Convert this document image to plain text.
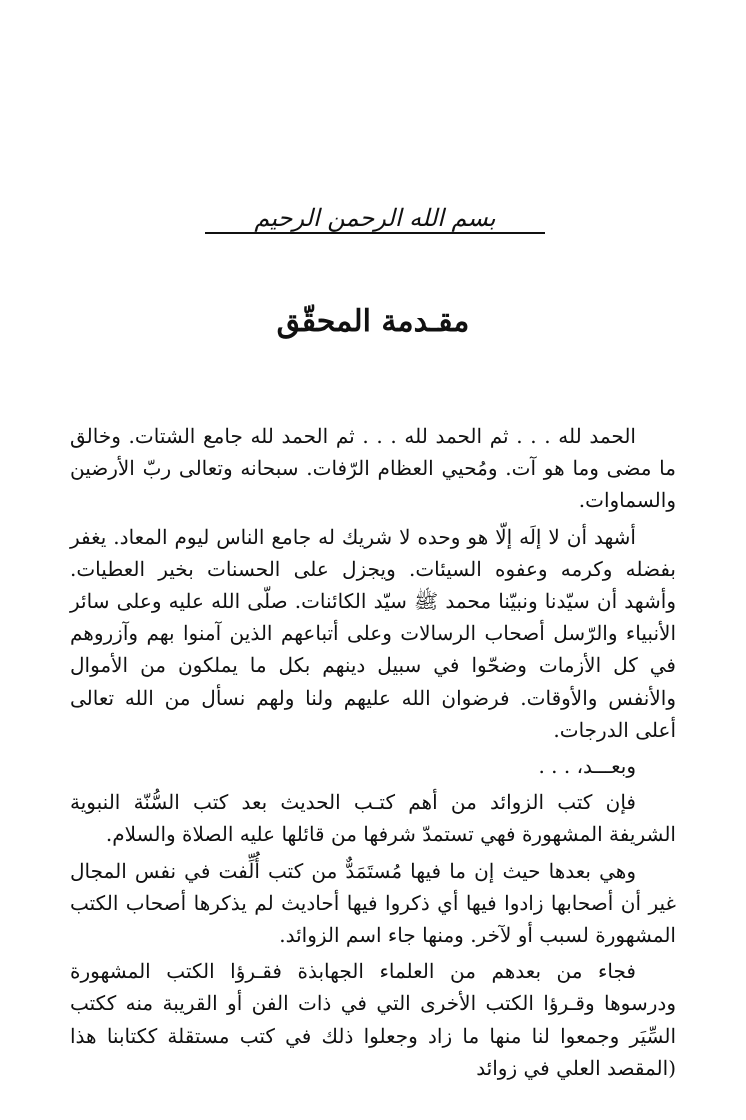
بسم الله الرحمن الرحيم
مقـدمة المحقّق

الحمد لله . . . ثم الحمد لله . . . ثم الحمد لله جامع الشتات. وخالق ما مضى وما هو آت. ومُحيي العظام الرّفات. سبحانه وتعالى ربّ الأرضين والسماوات.

أشهد أن لا إلَه إلّا هو وحده لا شريك له جامع الناس ليوم المعاد. يغفر بفضله وكرمه وعفوه السيئات. ويجزل على الحسنات بخير العطيات. وأشهد أن سيّدنا ونبيّنا محمد ﷺ سيّد الكائنات. صلّى الله عليه وعلى سائر الأنبياء والرّسل أصحاب الرسالات وعلى أتباعهم الذين آمنوا بهم وآزروهم في كل الأزمات وضحّوا في سبيل دينهم بكل ما يملكون من الأموال والأنفس والأوقات. فرضوان الله عليهم ولنا ولهم نسأل من الله تعالى أعلى الدرجات.

وبعـــد، . . .

فإن كتب الزوائد من أهم كتـب الحديث بعد كتب السُّنّة النبوية الشريفة المشهورة فهي تستمدّ شرفها من قائلها عليه الصلاة والسلام.

وهي بعدها حيث إن ما فيها مُستَمَدٌّ من كتب أُلِّفت في نفس المجال غير أن أصحابها زادوا فيها أي ذكروا فيها أحاديث لم يذكرها أصحاب الكتب المشهورة لسبب أو لآخر. ومنها جاء اسم الزوائد.

فجاء من بعدهم من العلماء الجهابذة فقـرؤا الكتب المشهورة ودرسوها وقـرؤا الكتب الأخرى التي في ذات الفن أو القريبة منه ككتب السِّيَر وجمعوا لنا منها ما زاد وجعلوا ذلك في كتب مستقلة ككتابنا هذا (المقصد العلي في زوائد
